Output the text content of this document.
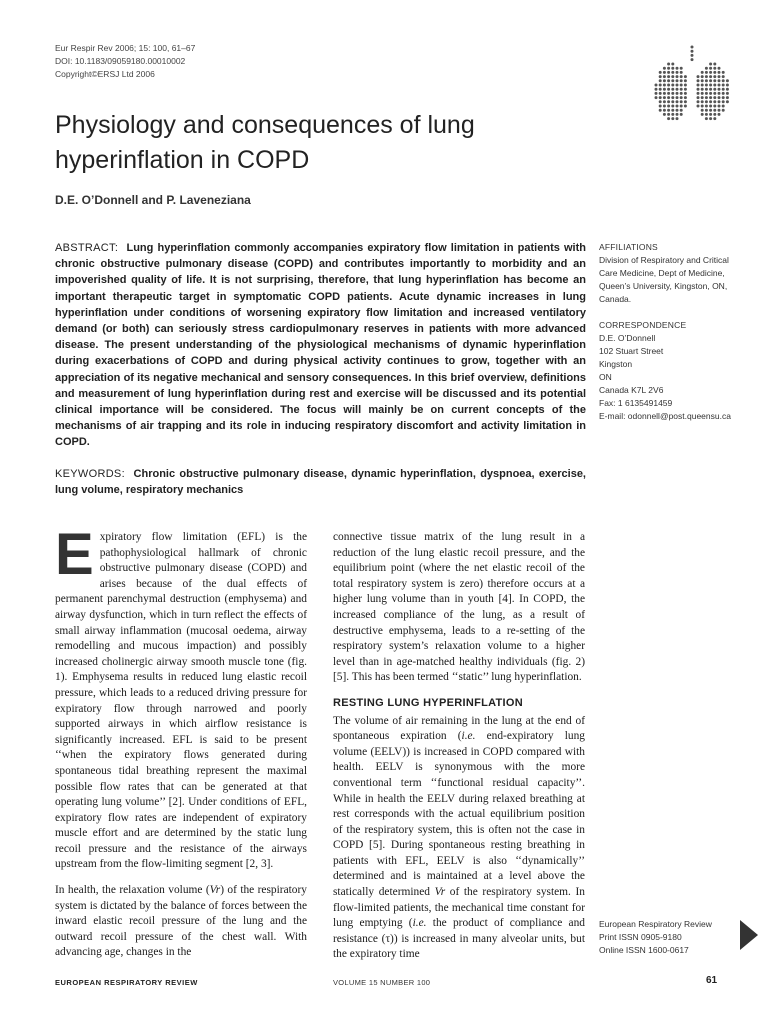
Eur Respir Rev 2006; 15: 100, 61–67
DOI: 10.1183/09059180.00010002
Copyright©ERSJ Ltd 2006
Physiology and consequences of lung hyperinflation in COPD
D.E. O’Donnell and P. Laveneziana
ABSTRACT: Lung hyperinflation commonly accompanies expiratory flow limitation in patients with chronic obstructive pulmonary disease (COPD) and contributes importantly to morbidity and an impoverished quality of life. It is not surprising, therefore, that lung hyperinflation has become an important therapeutic target in symptomatic COPD patients. Acute dynamic increases in lung hyperinflation under conditions of worsening expiratory flow limitation and increased ventilatory demand (or both) can seriously stress cardiopulmonary reserves in patients with more advanced disease. The present understanding of the physiological mechanisms of dynamic hyperinflation during exacerbations of COPD and during physical activity continues to grow, together with an appreciation of its negative mechanical and sensory consequences. In this brief overview, definitions and measurement of lung hyperinflation during rest and exercise will be discussed and its potential clinical importance will be considered. The focus will mainly be on current concepts of the mechanisms of air trapping and its role in inducing respiratory discomfort and activity limitation in COPD.
KEYWORDS: Chronic obstructive pulmonary disease, dynamic hyperinflation, dyspnoea, exercise, lung volume, respiratory mechanics
AFFILIATIONS
Division of Respiratory and Critical
Care Medicine, Dept of Medicine,
Queen’s University, Kingston, ON,
Canada.
CORRESPONDENCE
D.E. O’Donnell
102 Stuart Street
Kingston
ON
Canada K7L 2V6
Fax: 1 6135491459
E-mail: odonnell@post.queensu.ca

Expiratory flow limitation (EFL) is the pathophysiological hallmark of chronic obstructive pulmonary disease (COPD) and arises because of the dual effects of permanent parenchymal destruction (emphysema) and airway dysfunction, which in turn reflect the effects of small airway inflammation (mucosal oedema, airway remodelling and mucous impaction) and possibly increased cholinergic airway smooth muscle tone (fig. 1). Emphysema results in reduced lung elastic recoil pressure, which leads to a reduced driving pressure for expiratory flow through narrowed and poorly supported airways in which airflow resistance is significantly increased. EFL is said to be present ‘‘when the expiratory flows generated during spontaneous tidal breathing represent the maximal possible flow rates that can be generated at that operating lung volume’’ [2]. Under conditions of EFL, expiratory flow rates are independent of expiratory muscle effort and are determined by the static lung recoil pressure and the resistance of the airways upstream from the flow-limiting segment [2, 3].

In health, the relaxation volume (Vr) of the respiratory system is dictated by the balance of forces between the inward elastic recoil pressure of the lung and the outward recoil pressure of the chest wall. With advancing age, changes in the

connective tissue matrix of the lung result in a reduction of the lung elastic recoil pressure, and the equilibrium point (where the net elastic recoil of the total respiratory system is zero) therefore occurs at a higher lung volume than in youth [4]. In COPD, the increased compliance of the lung, as a result of destructive emphysema, leads to a re-setting of the respiratory system’s relaxation volume to a higher level than in age-matched healthy individuals (fig. 2) [5]. This has been termed ‘‘static’’ lung hyperinflation.

RESTING LUNG HYPERINFLATION

The volume of air remaining in the lung at the end of spontaneous expiration (i.e. end-expiratory lung volume (EELV)) is increased in COPD compared with health. EELV is synonymous with the more conventional term ‘‘functional residual capacity’’. While in health the EELV during relaxed breathing at rest corresponds with the actual equilibrium position of the respiratory system, this is often not the case in COPD [5]. During spontaneous resting breathing in patients with EFL, EELV is also ‘‘dynamically’’ determined and is maintained at a level above the statically determined Vr of the respiratory system. In flow-limited patients, the mechanical time constant for lung emptying (i.e. the product of compliance and resistance (τ)) is increased in many alveolar units, but the expiratory time

European Respiratory Review
Print ISSN 0905-9180
Online ISSN 1600-0617
EUROPEAN RESPIRATORY REVIEW	VOLUME 15 NUMBER 100	61
